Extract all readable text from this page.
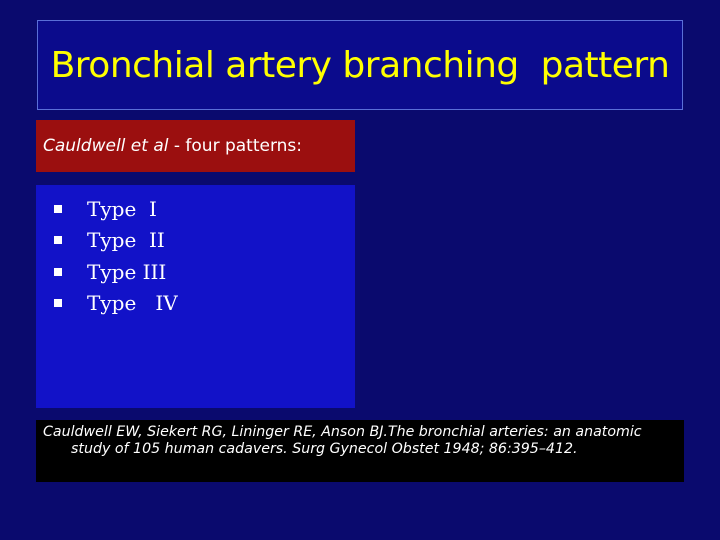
Bronchial artery branching  pattern
Cauldwell et al - four patterns:
Type  I
Type  II
Type III
Type   IV

Cauldwell EW, Siekert RG, Lininger RE, Anson BJ.The bronchial arteries: an anatomic study of 105 human cadavers. Surg Gynecol Obstet 1948; 86:395–412.
